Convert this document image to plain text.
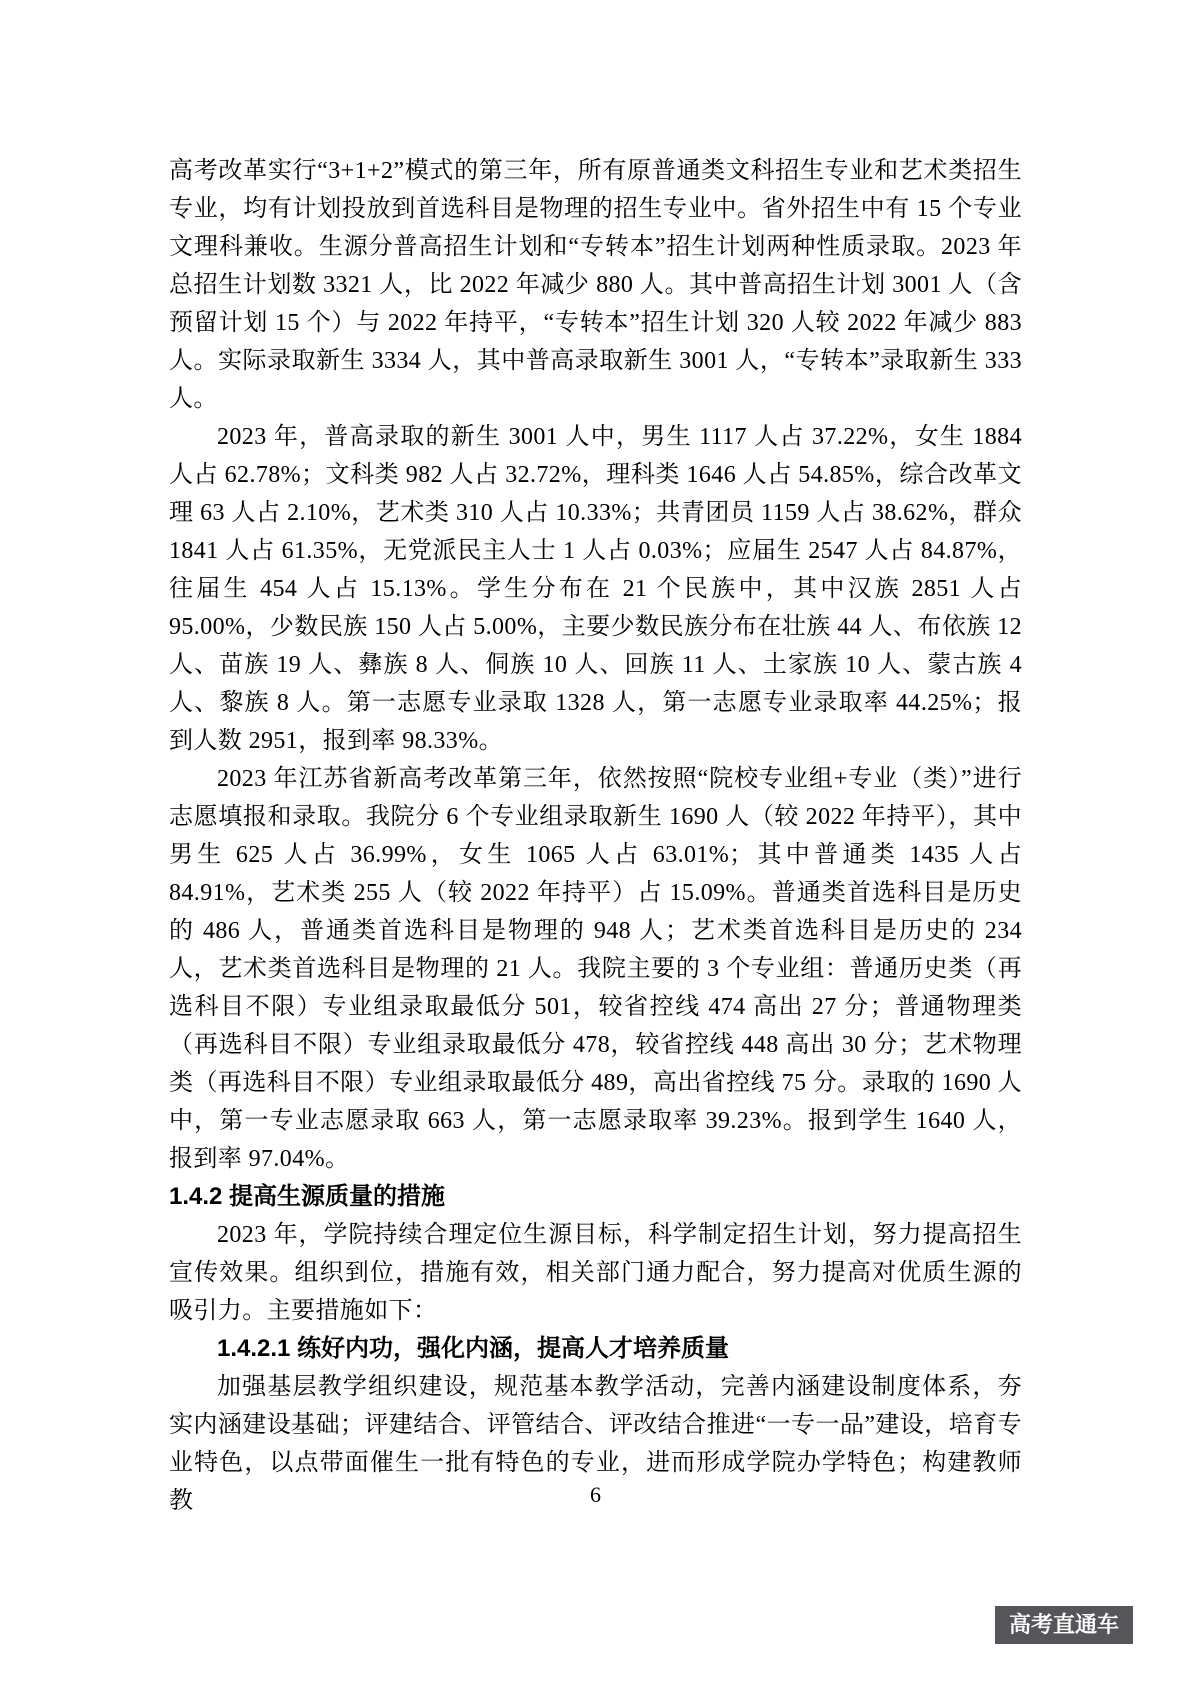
高考改革实行“3+1+2”模式的第三年，所有原普通类文科招生专业和艺术类招生专业，均有计划投放到首选科目是物理的招生专业中。省外招生中有 15 个专业文理科兼收。生源分普高招生计划和“专转本”招生计划两种性质录取。2023 年总招生计划数 3321 人，比 2022 年减少 880 人。其中普高招生计划 3001 人（含预留计划 15 个）与 2022 年持平，“专转本”招生计划 320 人较 2022 年减少 883 人。实际录取新生 3334 人，其中普高录取新生 3001 人，“专转本”录取新生 333 人。

2023 年，普高录取的新生 3001 人中，男生 1117 人占 37.22%，女生 1884 人占 62.78%；文科类 982 人占 32.72%，理科类 1646 人占 54.85%，综合改革文理 63 人占 2.10%，艺术类 310 人占 10.33%；共青团员 1159 人占 38.62%，群众 1841 人占 61.35%，无党派民主人士 1 人占 0.03%；应届生 2547 人占 84.87%，往届生 454 人占 15.13%。学生分布在 21 个民族中，其中汉族 2851 人占 95.00%，少数民族 150 人占 5.00%，主要少数民族分布在壮族 44 人、布依族 12 人、苗族 19 人、彝族 8 人、侗族 10 人、回族 11 人、土家族 10 人、蒙古族 4 人、黎族 8 人。第一志愿专业录取 1328 人，第一志愿专业录取率 44.25%；报到人数 2951，报到率 98.33%。

2023 年江苏省新高考改革第三年，依然按照“院校专业组+专业（类）”进行志愿填报和录取。我院分 6 个专业组录取新生 1690 人（较 2022 年持平），其中男生 625 人占 36.99%，女生 1065 人占 63.01%；其中普通类 1435 人占 84.91%，艺术类 255 人（较 2022 年持平）占 15.09%。普通类首选科目是历史的 486 人，普通类首选科目是物理的 948 人；艺术类首选科目是历史的 234 人，艺术类首选科目是物理的 21 人。我院主要的 3 个专业组：普通历史类（再选科目不限）专业组录取最低分 501，较省控线 474 高出 27 分；普通物理类（再选科目不限）专业组录取最低分 478，较省控线 448 高出 30 分；艺术物理类（再选科目不限）专业组录取最低分 489，高出省控线 75 分。录取的 1690 人中，第一专业志愿录取 663 人，第一志愿录取率 39.23%。报到学生 1640 人，报到率 97.04%。

1.4.2 提高生源质量的措施

2023 年，学院持续合理定位生源目标，科学制定招生计划，努力提高招生宣传效果。组织到位，措施有效，相关部门通力配合，努力提高对优质生源的吸引力。主要措施如下：

1.4.2.1 练好内功，强化内涵，提高人才培养质量

加强基层教学组织建设，规范基本教学活动，完善内涵建设制度体系，夯实内涵建设基础；评建结合、评管结合、评改结合推进“一专一品”建设，培育专业特色，以点带面催生一批有特色的专业，进而形成学院办学特色；构建教师教	6
高考直通车
